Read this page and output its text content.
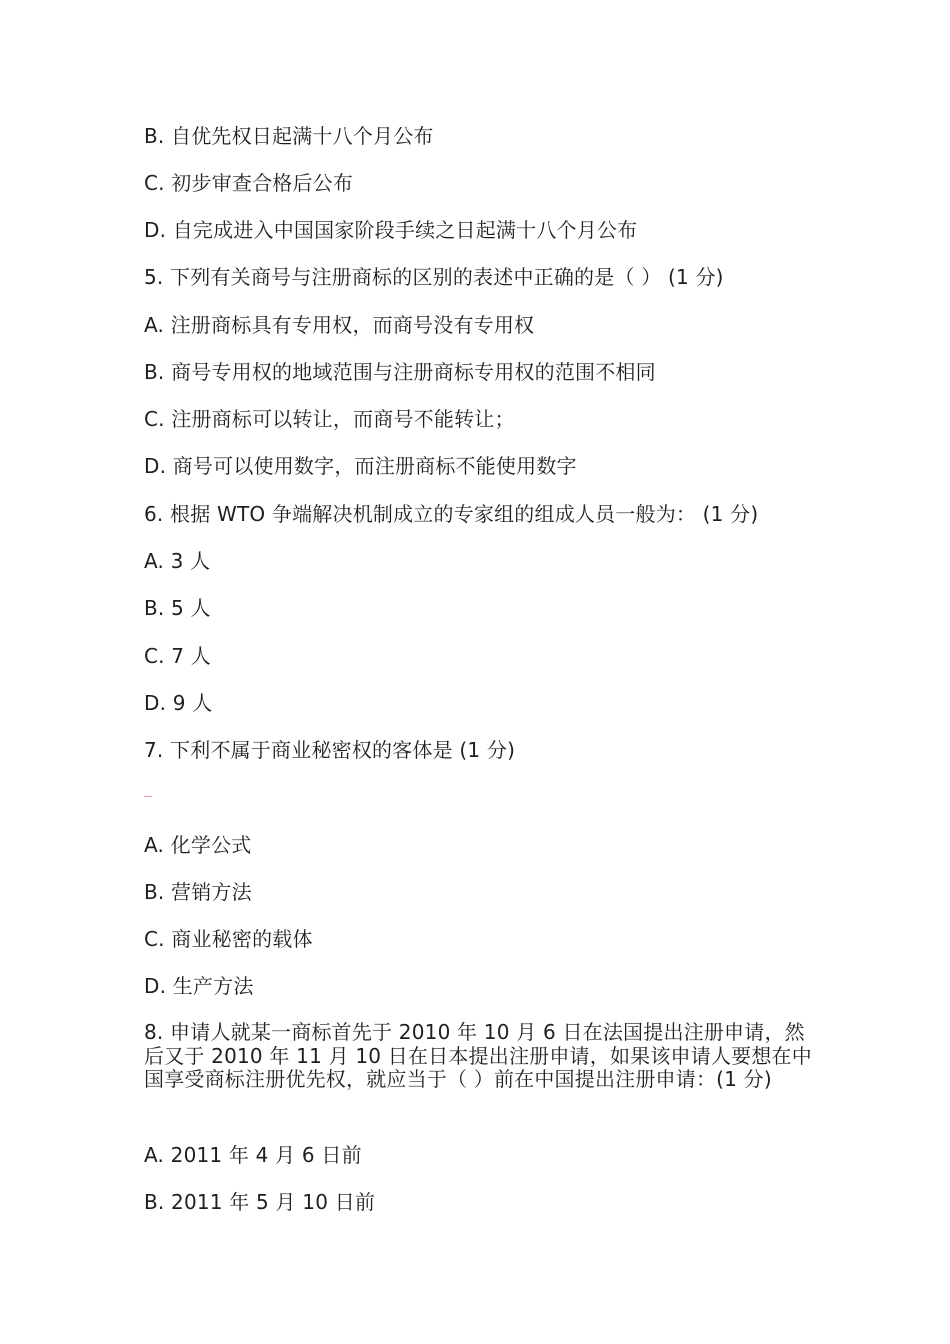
B. 自优先权日起满十八个月公布
C. 初步审查合格后公布
D. 自完成进入中国国家阶段手续之日起满十八个月公布
5. 下列有关商号与注册商标的区别的表述中正确的是（ ） (1 分)
A. 注册商标具有专用权，而商号没有专用权
B. 商号专用权的地域范围与注册商标专用权的范围不相同
C. 注册商标可以转让，而商号不能转让；
D. 商号可以使用数字，而注册商标不能使用数字
6. 根据 WTO 争端解决机制成立的专家组的组成人员一般为： (1 分)
A. 3 人
B. 5 人
C. 7 人
D. 9 人
7. 下利不属于商业秘密权的客体是 (1 分)
A. 化学公式
B. 营销方法
C. 商业秘密的载体
D. 生产方法
8. 申请人就某一商标首先于 2010 年 10 月 6 日在法国提出注册申请，然后又于 2010 年 11 月 10 日在日本提出注册申请，如果该申请人要想在中国享受商标注册优先权，就应当于（ ）前在中国提出注册申请：(1 分)
A. 2011 年 4 月 6 日前
B. 2011 年 5 月 10 日前
